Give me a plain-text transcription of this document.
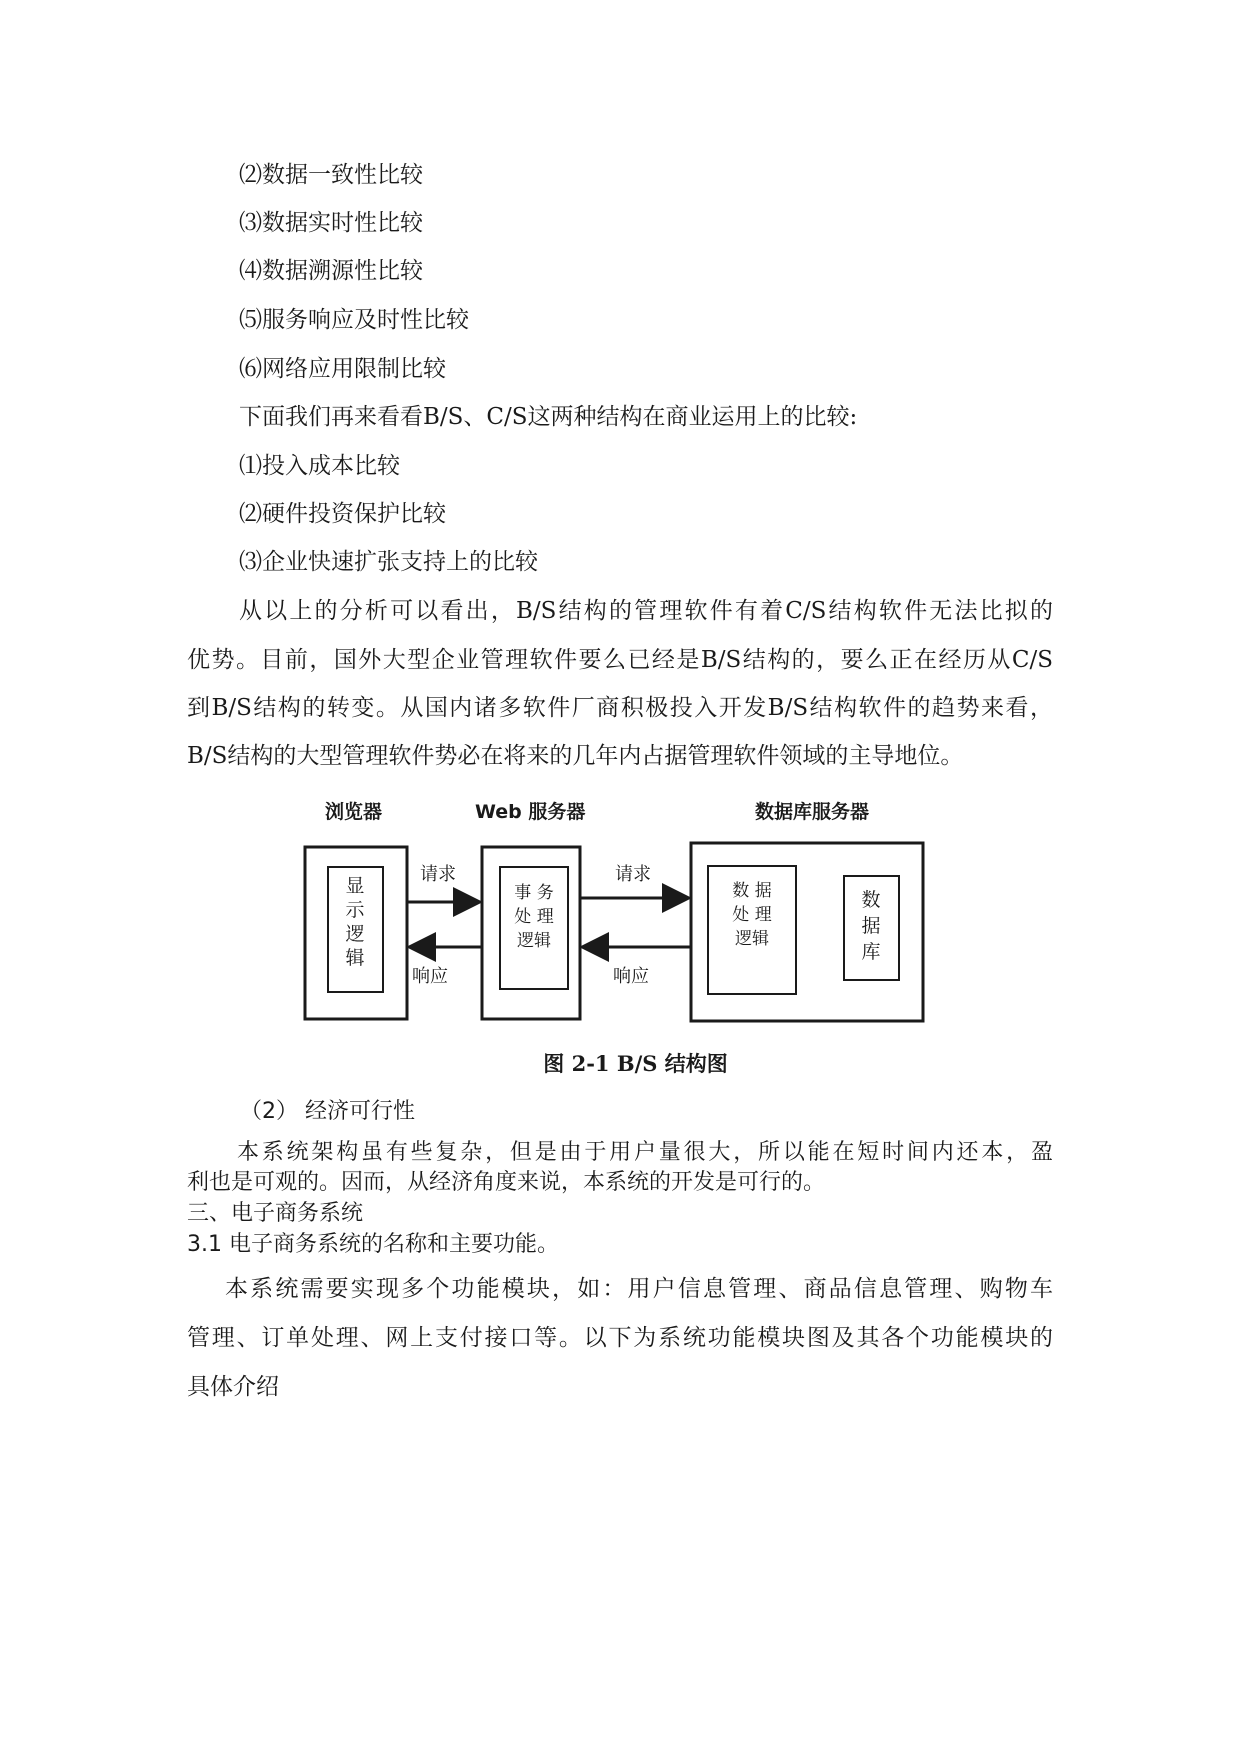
⑵数据一致性比较
⑶数据实时性比较
⑷数据溯源性比较
⑸服务响应及时性比较
⑹网络应用限制比较
下面我们再来看看B/S、C/S这两种结构在商业运用上的比较:
⑴投入成本比较
⑵硬件投资保护比较
⑶企业快速扩张支持上的比较
从以上的分析可以看出，B/S结构的管理软件有着C/S结构软件无法比拟的
优势。目前，国外大型企业管理软件要么已经是B/S结构的，要么正在经历从C/S
到B/S结构的转变。从国内诸多软件厂商积极投入开发B/S结构软件的趋势来看，
B/S结构的大型管理软件势必在将来的几年内占据管理软件领域的主导地位。
浏览器	Web 服务器	数据库服务器
显
示
逻
辑
事 务
处 理
逻辑
数 据
处 理
逻辑
数
据
库
请求
响应
请求
响应
图 2-1 B/S 结构图
（2） 经济可行性
本系统架构虽有些复杂，但是由于用户量很大，所以能在短时间内还本，盈
利也是可观的。因而，从经济角度来说，本系统的开发是可行的。
三、电子商务系统
3.1 电子商务系统的名称和主要功能。
本系统需要实现多个功能模块，如：用户信息管理、商品信息管理、购物车
管理、订单处理、网上支付接口等。以下为系统功能模块图及其各个功能模块的
具体介绍
